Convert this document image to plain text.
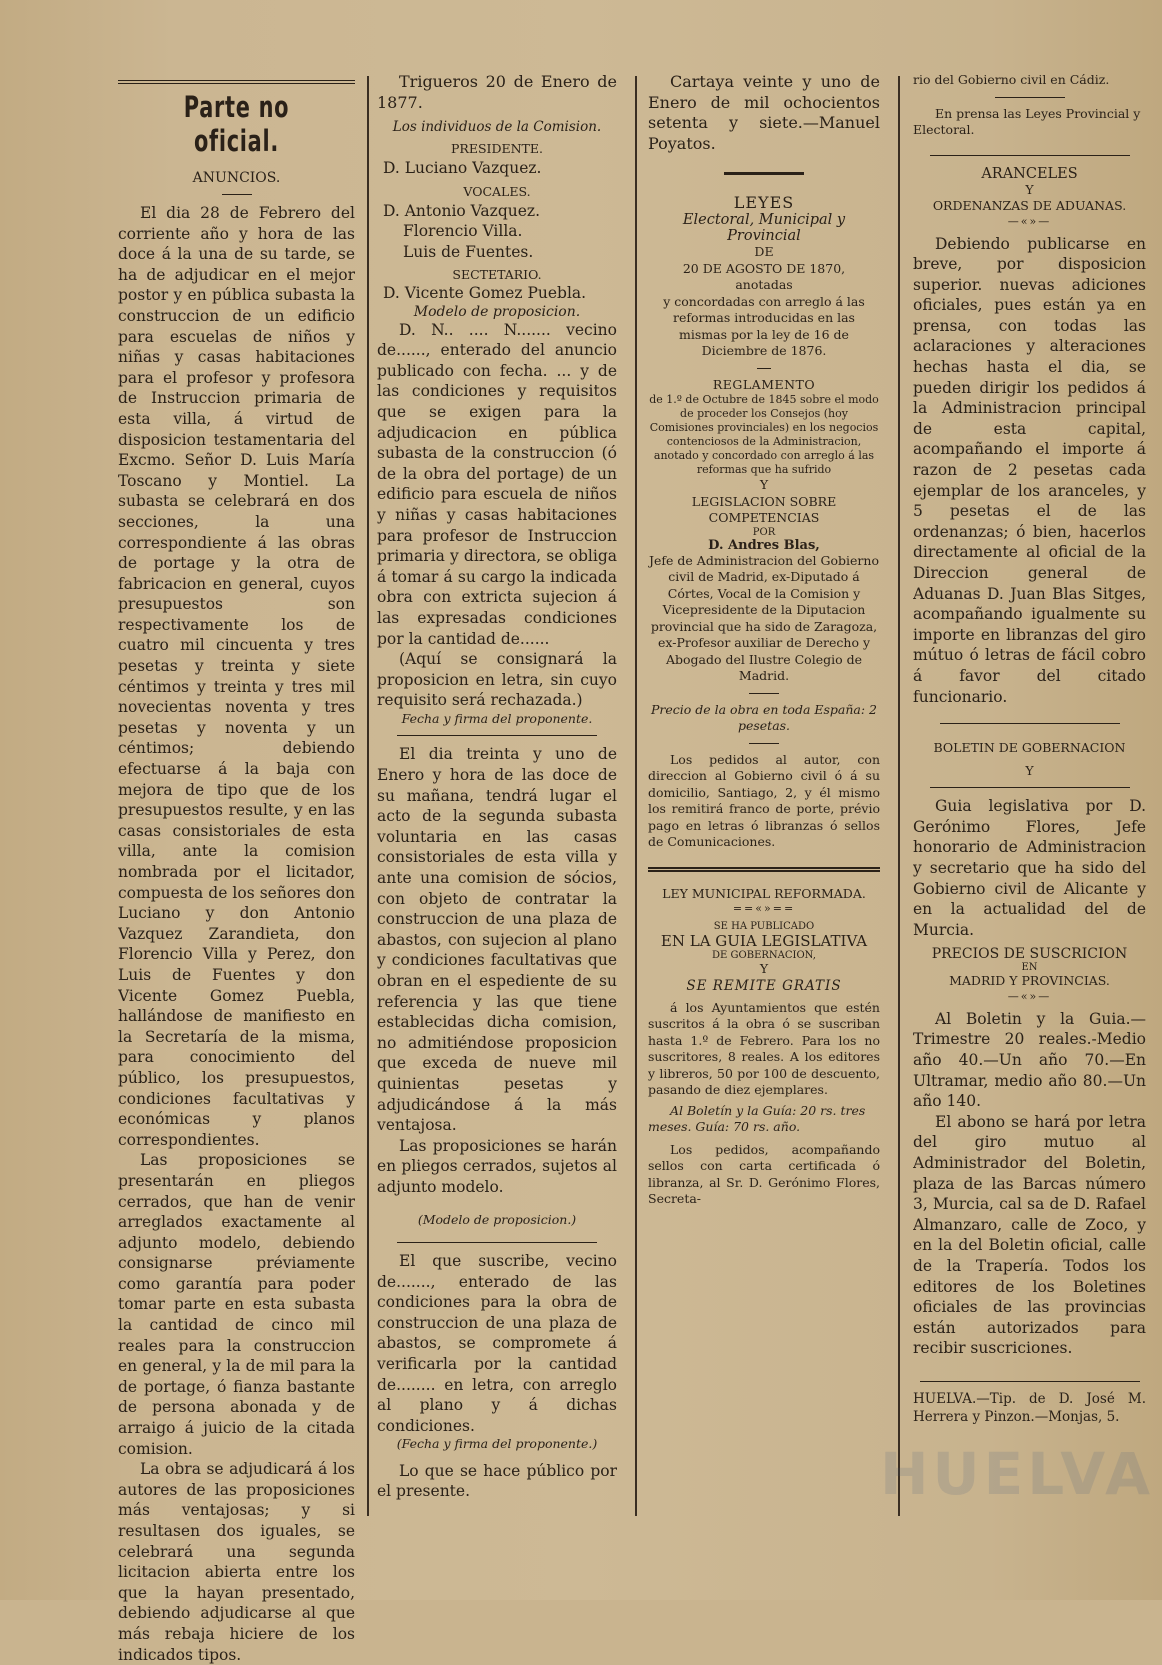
Parte no oficial.
ANUNCIOS.

El dia 28 de Febrero del corriente año y hora de las doce á la una de su tarde, se ha de adjudicar en el mejor postor y en pública subasta la construccion de un edificio para escuelas de niños y niñas y casas habitaciones para el profesor y profesora de Instruccion primaria de esta villa, á virtud de disposicion testamentaria del Excmo. Señor D. Luis María Toscano y Montiel. La subasta se celebrará en dos secciones, la una correspondiente á las obras de portage y la otra de fabricacion en general, cuyos presupuestos son respectivamente los de cuatro mil cincuenta y tres pesetas y treinta y siete céntimos y treinta y tres mil novecientas noventa y tres pesetas y noventa y un céntimos; debiendo efectuarse á la baja con mejora de tipo que de los presupuestos resulte, y en las casas consistoriales de esta villa, ante la comision nombrada por el licitador, compuesta de los señores don Luciano y don Antonio Vazquez Zarandieta, don Florencio Villa y Perez, don Luis de Fuentes y don Vicente Gomez Puebla, hallándose de manifiesto en la Secretaría de la misma, para conocimiento del público, los presupuestos, condiciones facultativas y económicas y planos correspondientes.

Las proposiciones se presentarán en pliegos cerrados, que han de venir arreglados exactamente al adjunto modelo, debiendo consignarse préviamente como garantía para poder tomar parte en esta subasta la cantidad de cinco mil reales para la construccion en general, y la de mil para la de portage, ó fianza bastante de persona abonada y de arraigo á juicio de la citada comision.

La obra se adjudicará á los autores de las proposiciones más ventajosas; y si resultasen dos iguales, se celebrará una segunda licitacion abierta entre los que la hayan presentado, debiendo adjudicarse al que más rebaja hiciere de los indicados tipos.

Trigueros 20 de Enero de 1877.

Los individuos de la Comision.

PRESIDENTE.

D. Luciano Vazquez.

VOCALES.

D. Antonio Vazquez.

Florencio Villa.

Luis de Fuentes.

SECTETARIO.

D. Vicente Gomez Puebla.

Modelo de proposicion.

D. N.. .... N....... vecino de......, enterado del anuncio publicado con fecha. ... y de las condiciones y requisitos que se exigen para la adjudicacion en pública subasta de la construccion (ó de la obra del portage) de un edificio para escuela de niños y niñas y casas habitaciones para profesor de Instruccion primaria y directora, se obliga á tomar á su cargo la indicada obra con extricta sujecion á las expresadas condiciones por la cantidad de......

(Aquí se consignará la proposicion en letra, sin cuyo requisito será rechazada.)

Fecha y firma del proponente.

El dia treinta y uno de Enero y hora de las doce de su mañana, tendrá lugar el acto de la segunda subasta voluntaria en las casas consistoriales de esta villa y ante una comision de sócios, con objeto de contratar la construccion de una plaza de abastos, con sujecion al plano y condiciones facultativas que obran en el espediente de su referencia y las que tiene establecidas dicha comision, no admitiéndose proposicion que exceda de nueve mil quinientas pesetas y adjudicándose á la más ventajosa.

Las proposiciones se harán en pliegos cerrados, sujetos al adjunto modelo.

(Modelo de proposicion.)

El que suscribe, vecino de......., enterado de las condiciones para la obra de construccion de una plaza de abastos, se compromete á verificarla por la cantidad de........ en letra, con arreglo al plano y á dichas condiciones.

(Fecha y firma del proponente.)

Lo que se hace público por el presente.

Cartaya veinte y uno de Enero de mil ochocientos setenta y siete.—Manuel Poyatos.

LEYES

Electoral, Municipal y Provincial

DE

20 DE AGOSTO DE 1870,

anotadas

y concordadas con arreglo á las reformas introducidas en las mismas por la ley de 16 de Diciembre de 1876.

REGLAMENTO

de 1.º de Octubre de 1845 sobre el modo de proceder los Consejos (hoy Comisiones provinciales) en los negocios contenciosos de la Administracion, anotado y concordado con arreglo á las reformas que ha sufrido

Y

LEGISLACION SOBRE COMPETENCIAS

POR

D. Andres Blas,

Jefe de Administracion del Gobierno civil de Madrid, ex-Diputado á Córtes, Vocal de la Comision y Vicepresidente de la Diputacion provincial que ha sido de Zaragoza, ex-Profesor auxiliar de Derecho y Abogado del Ilustre Colegio de Madrid.

Precio de la obra en toda España: 2 pesetas.

Los pedidos al autor, con direccion al Gobierno civil ó á su domicilio, Santiago, 2, y él mismo los remitirá franco de porte, prévio pago en letras ó libranzas ó sellos de Comunicaciones.

LEY MUNICIPAL REFORMADA.

==«»==

SE HA PUBLICADO

EN LA GUIA LEGISLATIVA

DE GOBERNACION,

Y

SE REMITE GRATIS

á los Ayuntamientos que estén suscritos á la obra ó se suscriban hasta 1.º de Febrero. Para los no suscritores, 8 reales. A los editores y libreros, 50 por 100 de descuento, pasando de diez ejemplares.

Al Boletín y la Guía: 20 rs. tres meses. Guía: 70 rs. año.

Los pedidos, acompañando sellos con carta certificada ó libranza, al Sr. D. Gerónimo Flores, Secreta-

rio del Gobierno civil en Cádiz.

En prensa las Leyes Provincial y Electoral.

ARANCELES

Y

ORDENANZAS DE ADUANAS.

—«»—

Debiendo publicarse en breve, por disposicion superior. nuevas adiciones oficiales, pues están ya en prensa, con todas las aclaraciones y alteraciones hechas hasta el dia, se pueden dirigir los pedidos á la Administracion principal de esta capital, acompañando el importe á razon de 2 pesetas cada ejemplar de los aranceles, y 5 pesetas el de las ordenanzas; ó bien, hacerlos directamente al oficial de la Direccion general de Aduanas D. Juan Blas Sitges, acompañando igualmente su importe en libranzas del giro mútuo ó letras de fácil cobro á favor del citado funcionario.

BOLETIN DE GOBERNACION

Y

Guia legislativa por D. Gerónimo Flores, Jefe honorario de Administracion y secretario que ha sido del Gobierno civil de Alicante y en la actualidad del de Murcia.

PRECIOS DE SUSCRICION

EN

MADRID Y PROVINCIAS.

—«»—

Al Boletin y la Guia.—Trimestre 20 reales.-Medio año 40.—Un año 70.—En Ultramar, medio año 80.—Un año 140.

El abono se hará por letra del giro mutuo al Administrador del Boletin, plaza de las Barcas número 3, Murcia, cal sa de D. Rafael Almanzaro, calle de Zoco, y en la del Boletin oficial, calle de la Trapería. Todos los editores de los Boletines oficiales de las provincias están autorizados para recibir suscriciones.

HUELVA.—Tip. de D. José M. Herrera y Pinzon.—Monjas, 5.

HUELVA
